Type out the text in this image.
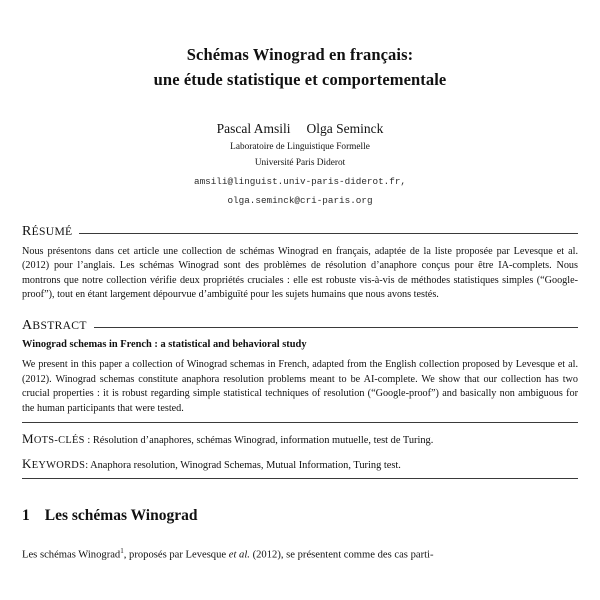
Schémas Winograd en français:
une étude statistique et comportementale
Pascal Amsili Olga Seminck
Laboratoire de Linguistique Formelle
Université Paris Diderot
amsili@linguist.univ-paris-diderot.fr,
olga.seminck@cri-paris.org
RÉSUMÉ
Nous présentons dans cet article une collection de schémas Winograd en français, adaptée de la liste proposée par Levesque et al. (2012) pour l’anglais. Les schémas Winograd sont des problèmes de résolution d’anaphore conçus pour être IA-complets. Nous montrons que notre collection vérifie deux propriétés cruciales : elle est robuste vis-à-vis de méthodes statistiques simples (“Google-proof”), tout en étant largement dépourvue d’ambiguïté pour les sujets humains que nous avons testés.
ABSTRACT
Winograd schemas in French : a statistical and behavioral study
We present in this paper a collection of Winograd schemas in French, adapted from the English collection proposed by Levesque et al. (2012). Winograd schemas constitute anaphora resolution problems meant to be AI-complete. We show that our collection has two crucial properties : it is robust regarding simple statistical techniques of resolution (“Google-proof”) and basically non ambiguous for the human participants that were tested.
MOTS-CLÉS : Résolution d’anaphores, schémas Winograd, information mutuelle, test de Turing.
KEYWORDS: Anaphora resolution, Winograd Schemas, Mutual Information, Turing test.
1 Les schémas Winograd
Les schémas Winograd$^1$, proposés par Levesque et al. (2012), se présentent comme des cas parti-
